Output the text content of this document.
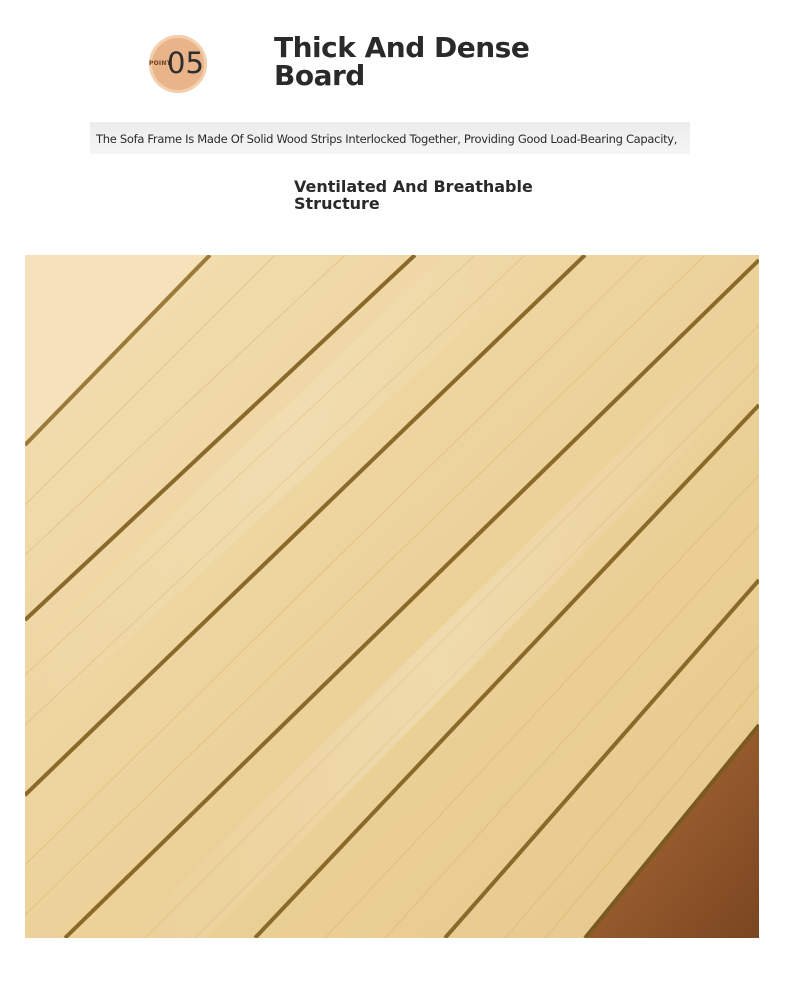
POINT
05	Thick And Dense Board
The Sofa Frame Is Made Of Solid Wood Strips Interlocked Together, Providing Good Load-Bearing Capacity,
Ventilated And Breathable Structure
